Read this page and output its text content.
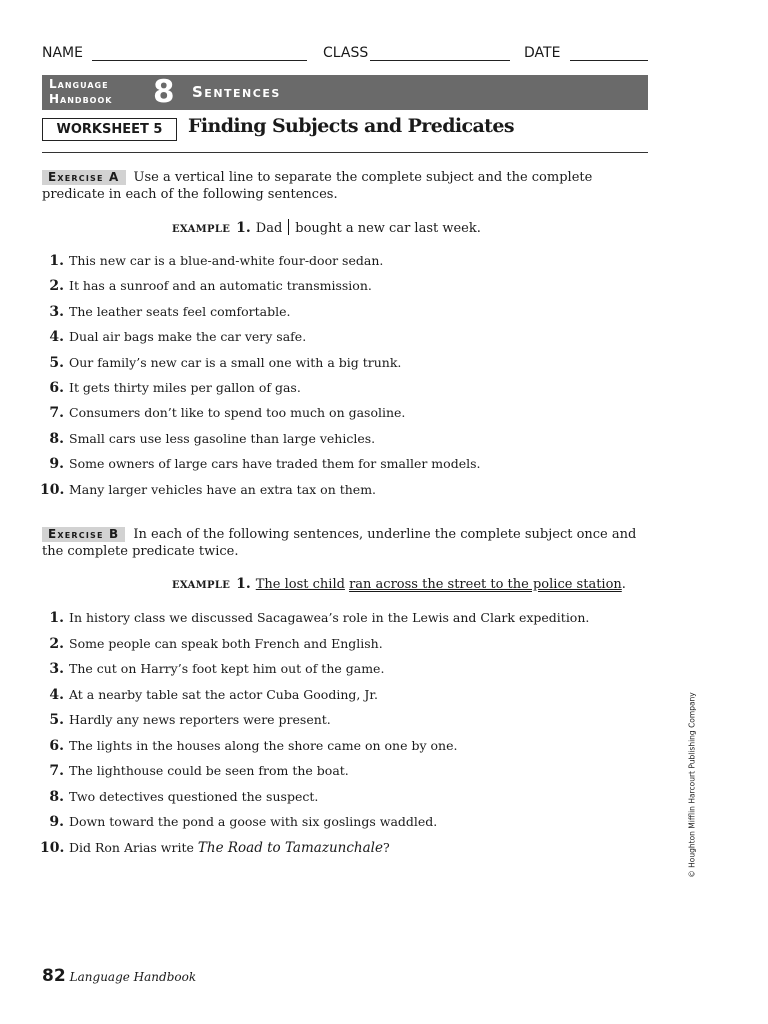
NAME	CLASS	DATE
Language
Handbook 8 Sentences
WORKSHEET 5	Finding Subjects and Predicates
Exercise A Use a vertical line to separate the complete subject and the complete predicate in each of the following sentences.
EXAMPLE 1. Dad bought a new car last week.
1. This new car is a blue-and-white four-door sedan.
2. It has a sunroof and an automatic transmission.
3. The leather seats feel comfortable.
4. Dual air bags make the car very safe.
5. Our family’s new car is a small one with a big trunk.
6. It gets thirty miles per gallon of gas.
7. Consumers don’t like to spend too much on gasoline.
8. Small cars use less gasoline than large vehicles.
9. Some owners of large cars have traded them for smaller models.
10. Many larger vehicles have an extra tax on them.
Exercise B In each of the following sentences, underline the complete subject once and the complete predicate twice.
EXAMPLE 1. The lost child ran across the street to the police station.
1. In history class we discussed Sacagawea’s role in the Lewis and Clark expedition.
2. Some people can speak both French and English.
3. The cut on Harry’s foot kept him out of the game.
4. At a nearby table sat the actor Cuba Gooding, Jr.
5. Hardly any news reporters were present.
6. The lights in the houses along the shore came on one by one.
7. The lighthouse could be seen from the boat.
8. Two detectives questioned the suspect.
9. Down toward the pond a goose with six goslings waddled.
10. Did Ron Arias write The Road to Tamazunchale?	© Houghton Mifflin Harcourt Publishing Company
82 Language Handbook
